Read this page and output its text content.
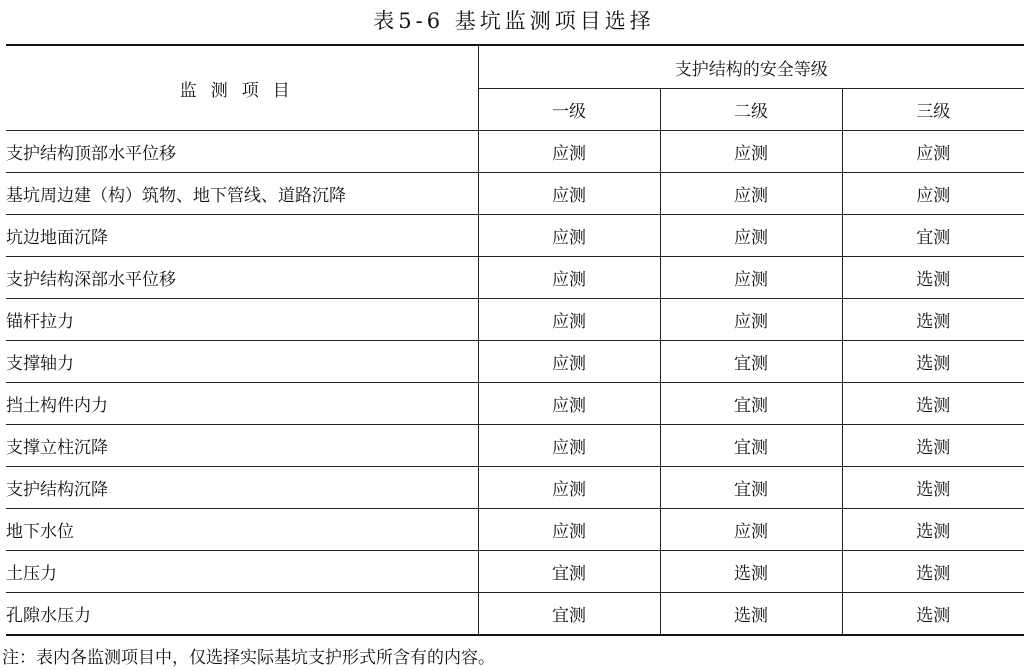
表5-6 基坑监测项目选择
监测项目	支护结构的安全等级		
	一级	二级	三级
支护结构顶部水平位移	应测	应测	应测
基坑周边建（构）筑物、地下管线、道路沉降	应测	应测	应测
坑边地面沉降	应测	应测	宜测
支护结构深部水平位移	应测	应测	选测
锚杆拉力	应测	应测	选测
支撑轴力	应测	宜测	选测
挡土构件内力	应测	宜测	选测
支撑立柱沉降	应测	宜测	选测
支护结构沉降	应测	宜测	选测
地下水位	应测	应测	选测
土压力	宜测	选测	选测
孔隙水压力	宜测	选测	选测
注：表内各监测项目中，仅选择实际基坑支护形式所含有的内容。
